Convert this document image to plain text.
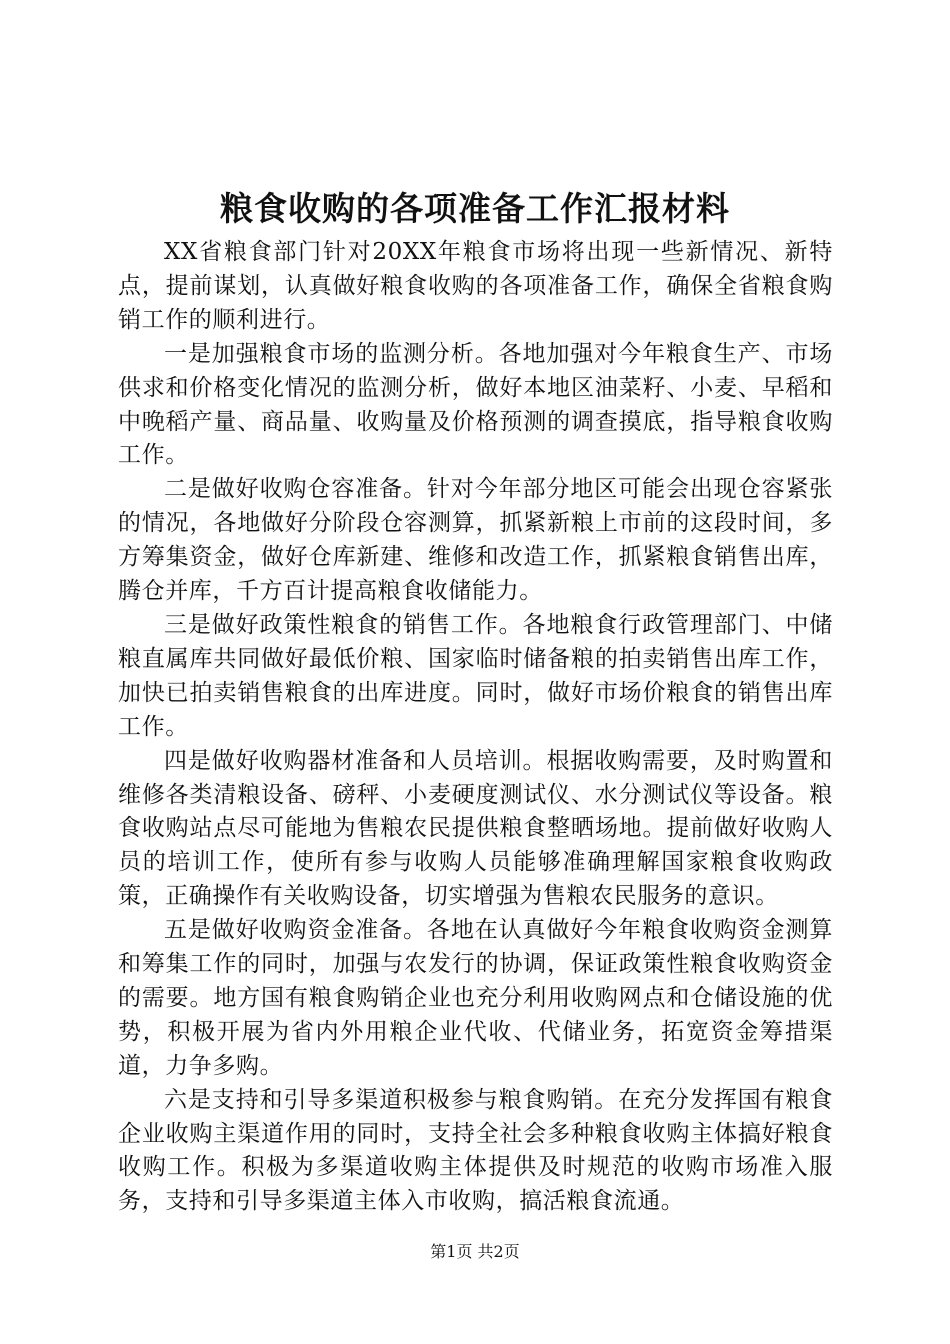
粮食收购的各项准备工作汇报材料

XX省粮食部门针对20XX年粮食市场将出现一些新情况、新特点，提前谋划，认真做好粮食收购的各项准备工作，确保全省粮食购销工作的顺利进行。

一是加强粮食市场的监测分析。各地加强对今年粮食生产、市场供求和价格变化情况的监测分析，做好本地区油菜籽、小麦、早稻和中晚稻产量、商品量、收购量及价格预测的调查摸底，指导粮食收购工作。

二是做好收购仓容准备。针对今年部分地区可能会出现仓容紧张的情况，各地做好分阶段仓容测算，抓紧新粮上市前的这段时间，多方筹集资金，做好仓库新建、维修和改造工作，抓紧粮食销售出库，腾仓并库，千方百计提高粮食收储能力。

三是做好政策性粮食的销售工作。各地粮食行政管理部门、中储粮直属库共同做好最低价粮、国家临时储备粮的拍卖销售出库工作，加快已拍卖销售粮食的出库进度。同时，做好市场价粮食的销售出库工作。

四是做好收购器材准备和人员培训。根据收购需要，及时购置和维修各类清粮设备、磅秤、小麦硬度测试仪、水分测试仪等设备。粮食收购站点尽可能地为售粮农民提供粮食整晒场地。提前做好收购人员的培训工作，使所有参与收购人员能够准确理解国家粮食收购政策，正确操作有关收购设备，切实增强为售粮农民服务的意识。

五是做好收购资金准备。各地在认真做好今年粮食收购资金测算和筹集工作的同时，加强与农发行的协调，保证政策性粮食收购资金的需要。地方国有粮食购销企业也充分利用收购网点和仓储设施的优势，积极开展为省内外用粮企业代收、代储业务，拓宽资金筹措渠道，力争多购。

六是支持和引导多渠道积极参与粮食购销。在充分发挥国有粮食企业收购主渠道作用的同时，支持全社会多种粮食收购主体搞好粮食收购工作。积极为多渠道收购主体提供及时规范的收购市场准入服务，支持和引导多渠道主体入市收购，搞活粮食流通。

第1页 共2页
